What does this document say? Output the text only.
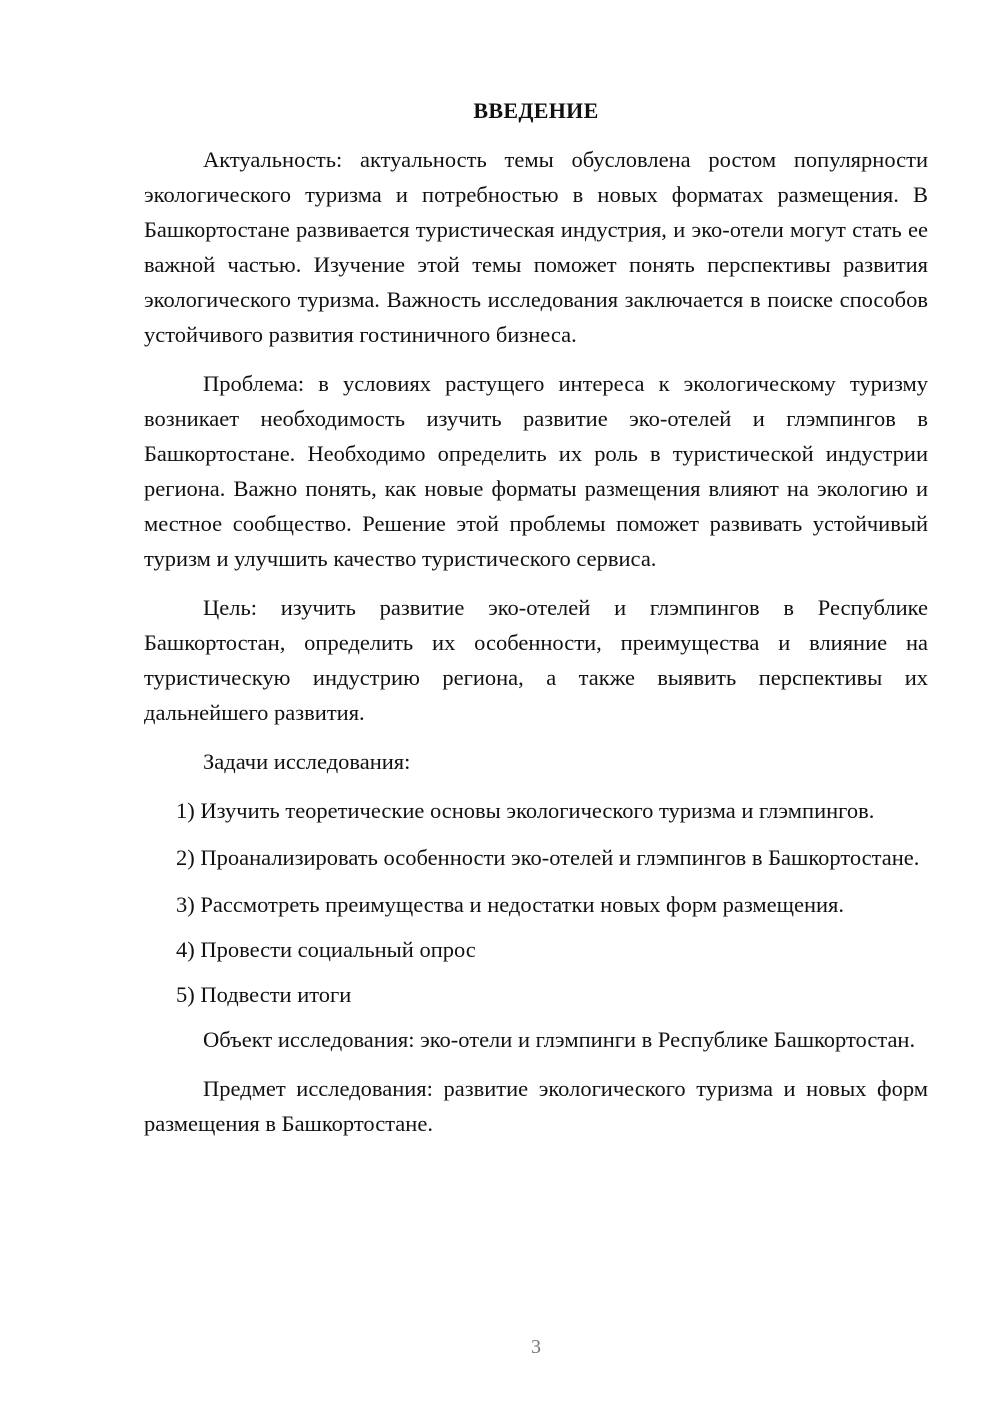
ВВЕДЕНИЕ

Актуальность: актуальность темы обусловлена ростом популярности экологического туризма и потребностью в новых форматах размещения. В Башкортостане развивается туристическая индустрия, и эко-отели могут стать ее важной частью. Изучение этой темы поможет понять перспективы развития экологического туризма. Важность исследования заключается в поиске способов устойчивого развития гостиничного бизнеса.

Проблема: в условиях растущего интереса к экологическому туризму возникает необходимость изучить развитие эко-отелей и глэмпингов в Башкортостане. Необходимо определить их роль в туристической индустрии региона. Важно понять, как новые форматы размещения влияют на экологию и местное сообщество. Решение этой проблемы поможет развивать устойчивый туризм и улучшить качество туристического сервиса.

Цель: изучить развитие эко-отелей и глэмпингов в Республике Башкортостан, определить их особенности, преимущества и влияние на туристическую индустрию региона, а также выявить перспективы их дальнейшего развития.

Задачи исследования:

1) Изучить теоретические основы экологического туризма и глэмпингов.

2) Проанализировать особенности эко-отелей и глэмпингов в Башкортостане.

3) Рассмотреть преимущества и недостатки новых форм размещения.

4) Провести социальный опрос

5) Подвести итоги

Объект исследования: эко-отели и глэмпинги в Республике Башкортостан.

Предмет исследования: развитие экологического туризма и новых форм размещения в Башкортостане.

3
